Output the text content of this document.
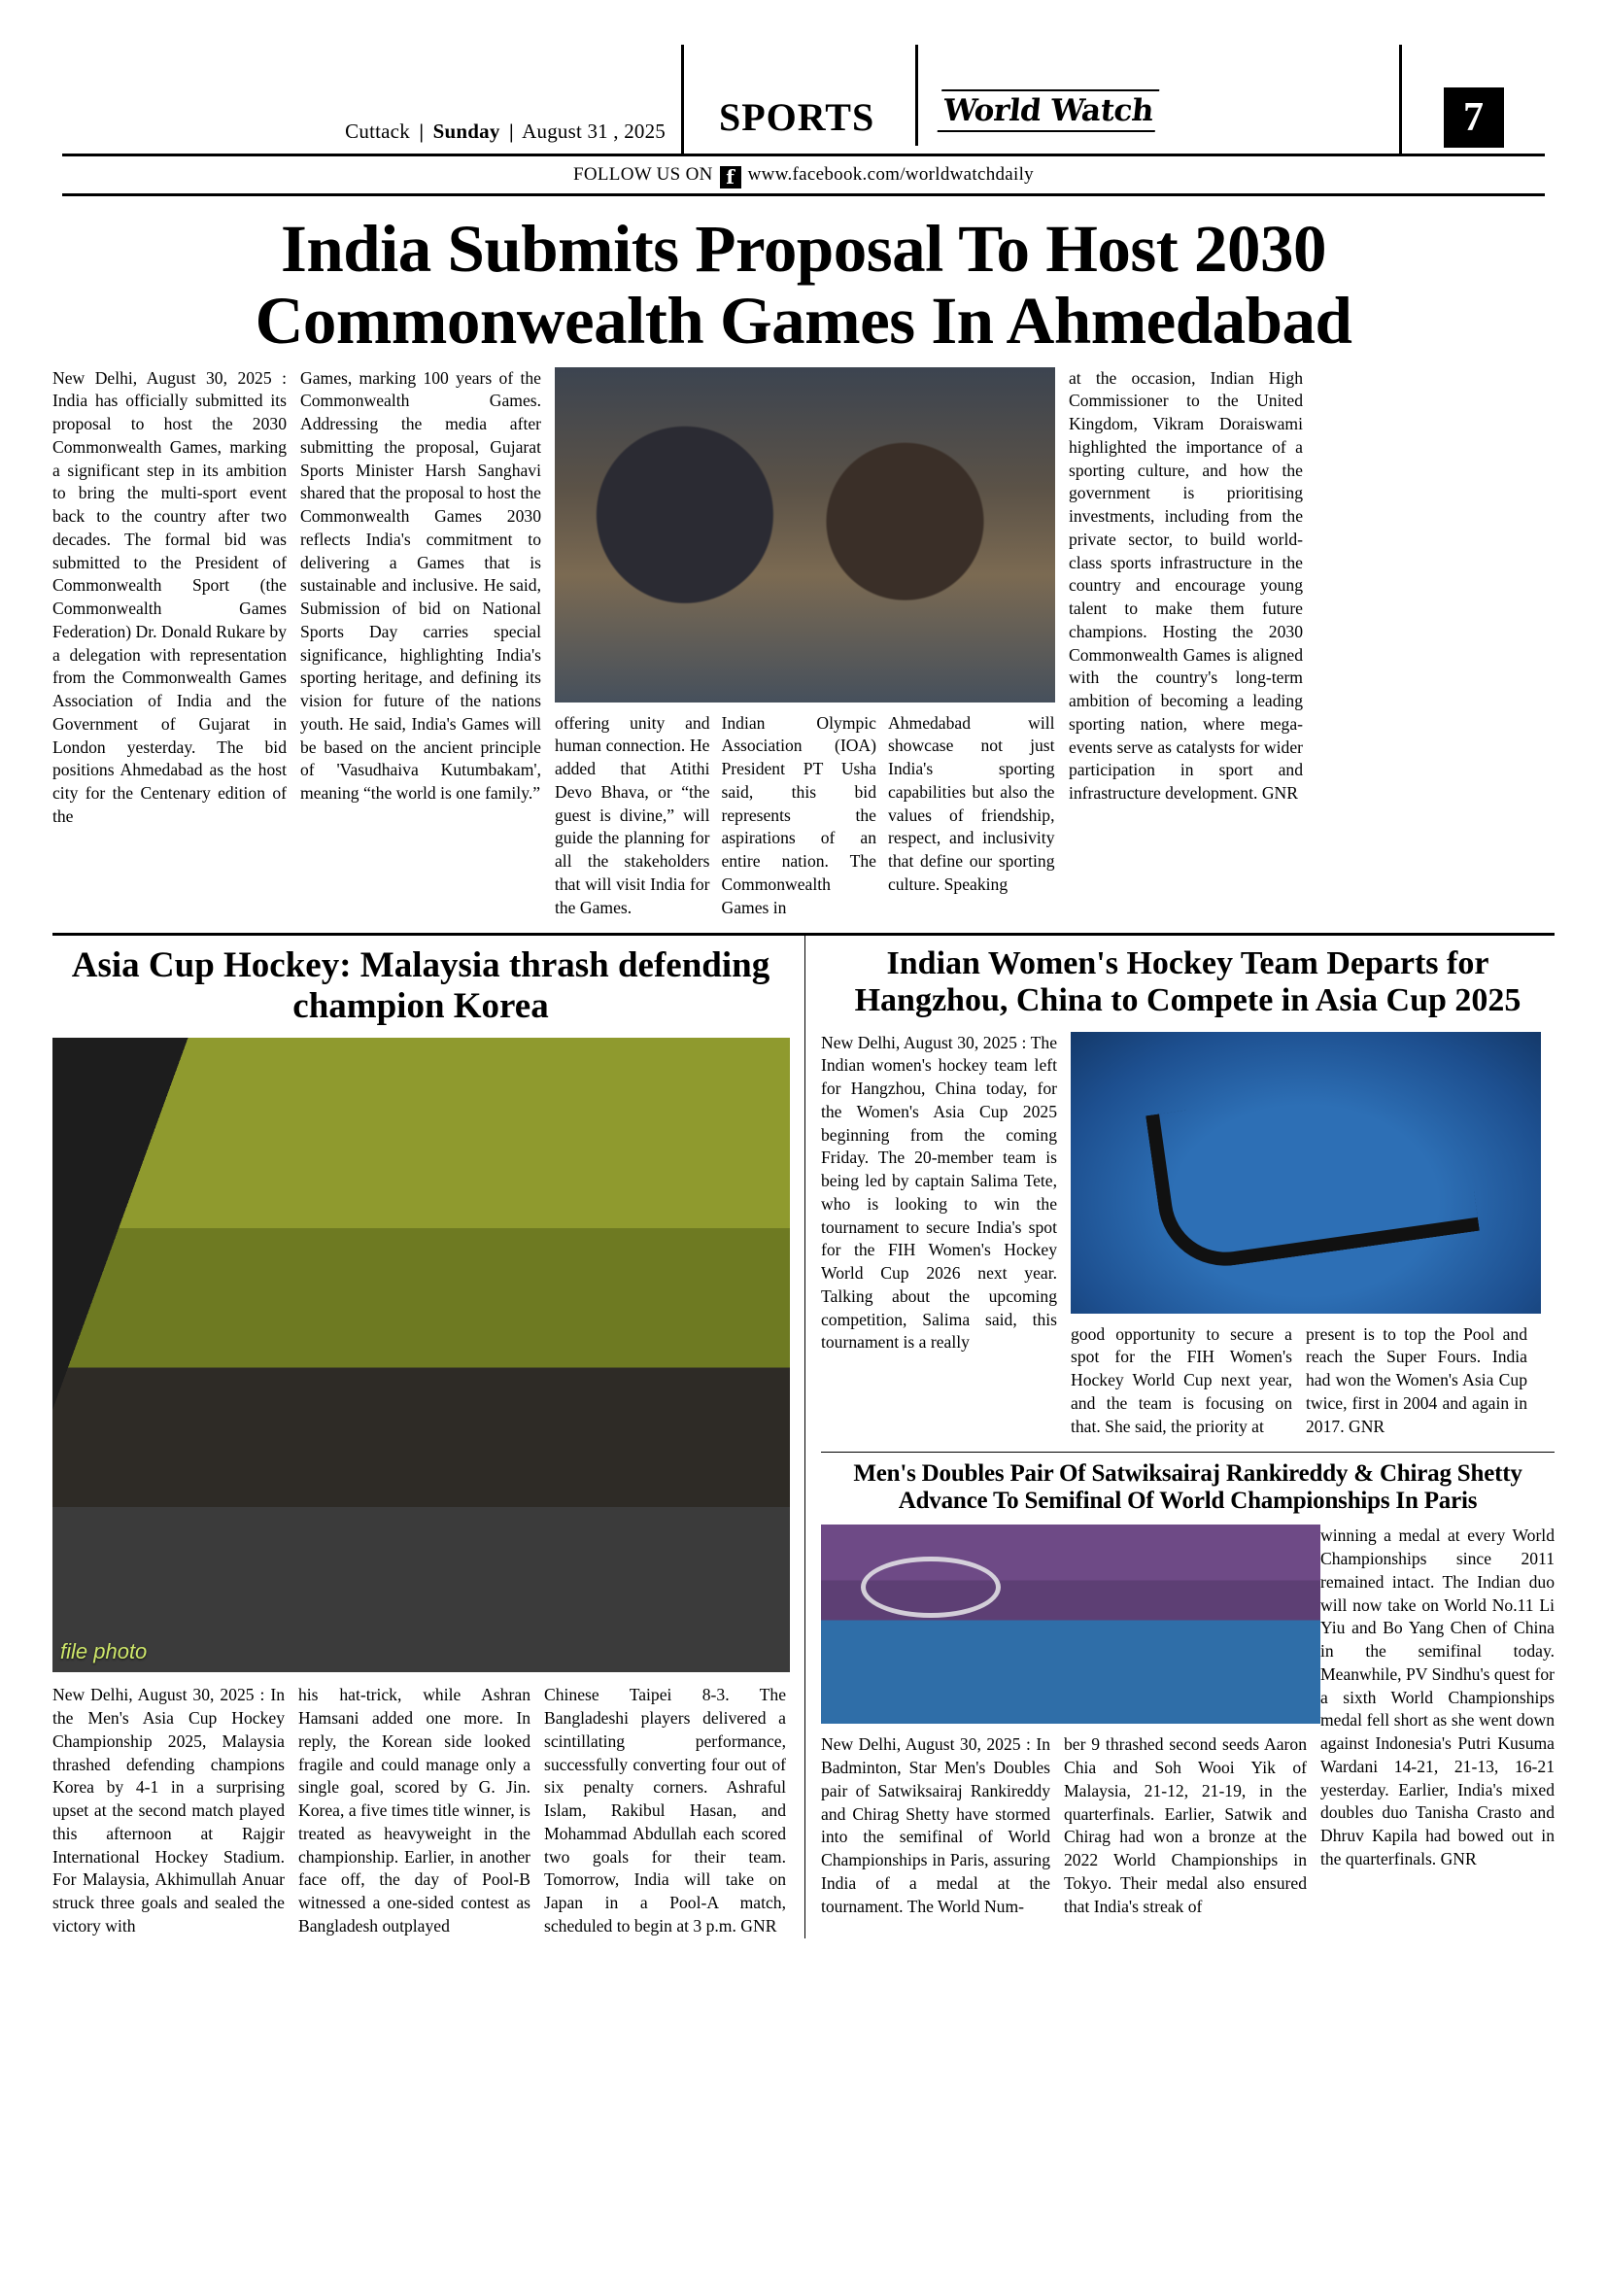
Cuttack | Sunday | August 31 , 2025	SPORTS World Watch	7
FOLLOW US ON f www.facebook.com/worldwatchdaily
India Submits Proposal To Host 2030 Commonwealth Games In Ahmedabad
New Delhi, August 30, 2025 : India has officially submitted its proposal to host the 2030 Commonwealth Games, marking a significant step in its ambition to bring the multi-sport event back to the country after two decades. The formal bid was submitted to the President of Commonwealth Sport (the Commonwealth Games Federation) Dr. Donald Rukare by a delegation with representation from the Commonwealth Games Association of India and the Government of Gujarat in London yesterday. The bid positions Ahmedabad as the host city for the Centenary edition of the
Games, marking 100 years of the Commonwealth Games. Addressing the media after submitting the proposal, Gujarat Sports Minister Harsh Sanghavi shared that the proposal to host the Commonwealth Games 2030 reflects India's commitment to delivering a Games that is sustainable and inclusive. He said, Submission of bid on National Sports Day carries special significance, highlighting India's sporting heritage, and defining its vision for future of the nations youth. He said, India's Games will be based on the ancient principle of 'Vasudhaiva Kutumbakam', meaning “the world is one family.”
offering unity and human connection. He added that Atithi Devo Bhava, or “the guest is divine,” will guide the planning for all the stakeholders that will visit India for the Games.
Indian Olympic Association (IOA) President PT Usha said, this bid represents the aspirations of an entire nation. The Commonwealth Games in
Ahmedabad will showcase not just India's sporting capabilities but also the values of friendship, respect, and inclusivity that define our sporting culture. Speaking
at the occasion, Indian High Commissioner to the United Kingdom, Vikram Doraiswami highlighted the importance of a sporting culture, and how the government is prioritising investments, including from the private sector, to build world-class sports infrastructure in the country and encourage young talent to make them future champions. Hosting the 2030 Commonwealth Games is aligned with the country's long-term ambition of becoming a leading sporting nation, where mega-events serve as catalysts for wider participation in sport and infrastructure development. GNR
Asia Cup Hockey: Malaysia thrash defending champion Korea
file photo
New Delhi, August 30, 2025 : In the Men's Asia Cup Hockey Championship 2025, Malaysia thrashed defending champions Korea by 4-1 in a surprising upset at the second match played this afternoon at Rajgir International Hockey Stadium. For Malaysia, Akhimullah Anuar struck three goals and sealed the victory with
his hat-trick, while Ashran Hamsani added one more. In reply, the Korean side looked fragile and could manage only a single goal, scored by G. Jin. Korea, a five times title winner, is treated as heavyweight in the championship. Earlier, in another face off, the day of Pool-B witnessed a one-sided contest as Bangladesh outplayed
Chinese Taipei 8-3. The Bangladeshi players delivered a scintillating performance, successfully converting four out of six penalty corners. Ashraful Islam, Rakibul Hasan, and Mohammad Abdullah each scored two goals for their team. Tomorrow, India will take on Japan in a Pool-A match, scheduled to begin at 3 p.m. GNR
Indian Women's Hockey Team Departs for Hangzhou, China to Compete in Asia Cup 2025
New Delhi, August 30, 2025 : The Indian women's hockey team left for Hangzhou, China today, for the Women's Asia Cup 2025 beginning from the coming Friday. The 20-member team is being led by captain Salima Tete, who is looking to win the tournament to secure India's spot for the FIH Women's Hockey World Cup 2026 next year. Talking about the upcoming competition, Salima said, this tournament is a really	good opportunity to secure a spot for the FIH Women's Hockey World Cup next year, and the team is focusing on that. She said, the priority at
present is to top the Pool and reach the Super Fours. India had won the Women's Asia Cup twice, first in 2004 and again in 2017. GNR
Men's Doubles Pair Of Satwiksairaj Rankireddy & Chirag Shetty Advance To Semifinal Of World Championships In Paris
New Delhi, August 30, 2025 : In Badminton, Star Men's Doubles pair of Satwiksairaj Rankireddy and Chirag Shetty have stormed into the semifinal of World Championships in Paris, assuring India of a medal at the tournament. The World Num-
ber 9 thrashed second seeds Aaron Chia and Soh Wooi Yik of Malaysia, 21-12, 21-19, in the quarterfinals. Earlier, Satwik and Chirag had won a bronze at the 2022 World Championships in Tokyo. Their medal also ensured that India's streak of
winning a medal at every World Championships since 2011 remained intact. The Indian duo will now take on World No.11 Li Yiu and Bo Yang Chen of China in the semifinal today. Meanwhile, PV Sindhu's quest for a sixth World Championships medal fell short as she went down against Indonesia's Putri Kusuma Wardani 14-21, 21-13, 16-21 yesterday. Earlier, India's mixed doubles duo Tanisha Crasto and Dhruv Kapila had bowed out in the quarterfinals. GNR
